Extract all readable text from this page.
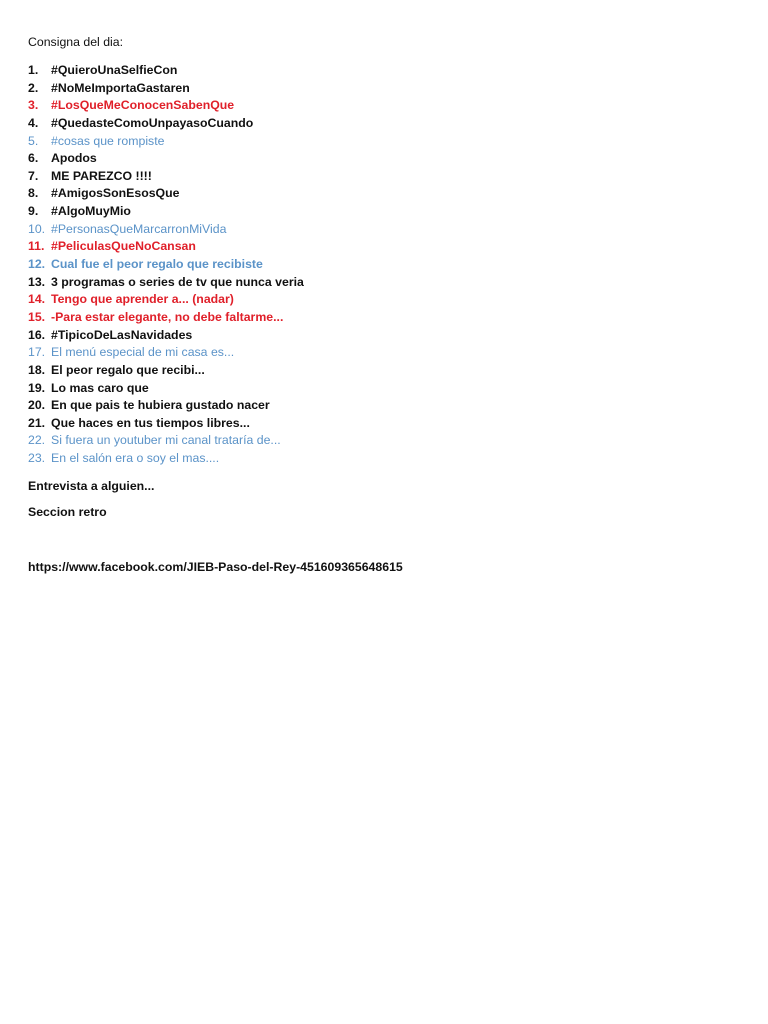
Consigna del dia:
1. #QuieroUnaSelfieCon
2. #NoMeImportaGastaren
3. #LosQueMeConocenSabenQue
4. #QuedasteComoUnpayasoCuando
5. #cosas que rompiste
6. Apodos
7. ME PAREZCO !!!!
8. #AmigosSonEsosQue
9. #AlgoMuyMio
10. #PersonasQueMarcarronMiVida
11. #PeliculasQueNoCansan
12. Cual fue el peor regalo que recibiste
13. 3 programas o series de tv que nunca veria
14. Tengo que aprender a... (nadar)
15. -Para estar elegante, no debe faltarme...
16. #TipicoDeLasNavidades
17. El menú especial de mi casa es...
18. El peor regalo que recibi...
19. Lo mas caro que
20. En que pais te hubiera gustado nacer
21. Que haces en tus tiempos libres...
22. Si fuera un youtuber mi canal trataría de...
23. En el salón era o soy el mas....
Entrevista a alguien...
Seccion retro
https://www.facebook.com/JIEB-Paso-del-Rey-451609365648615
